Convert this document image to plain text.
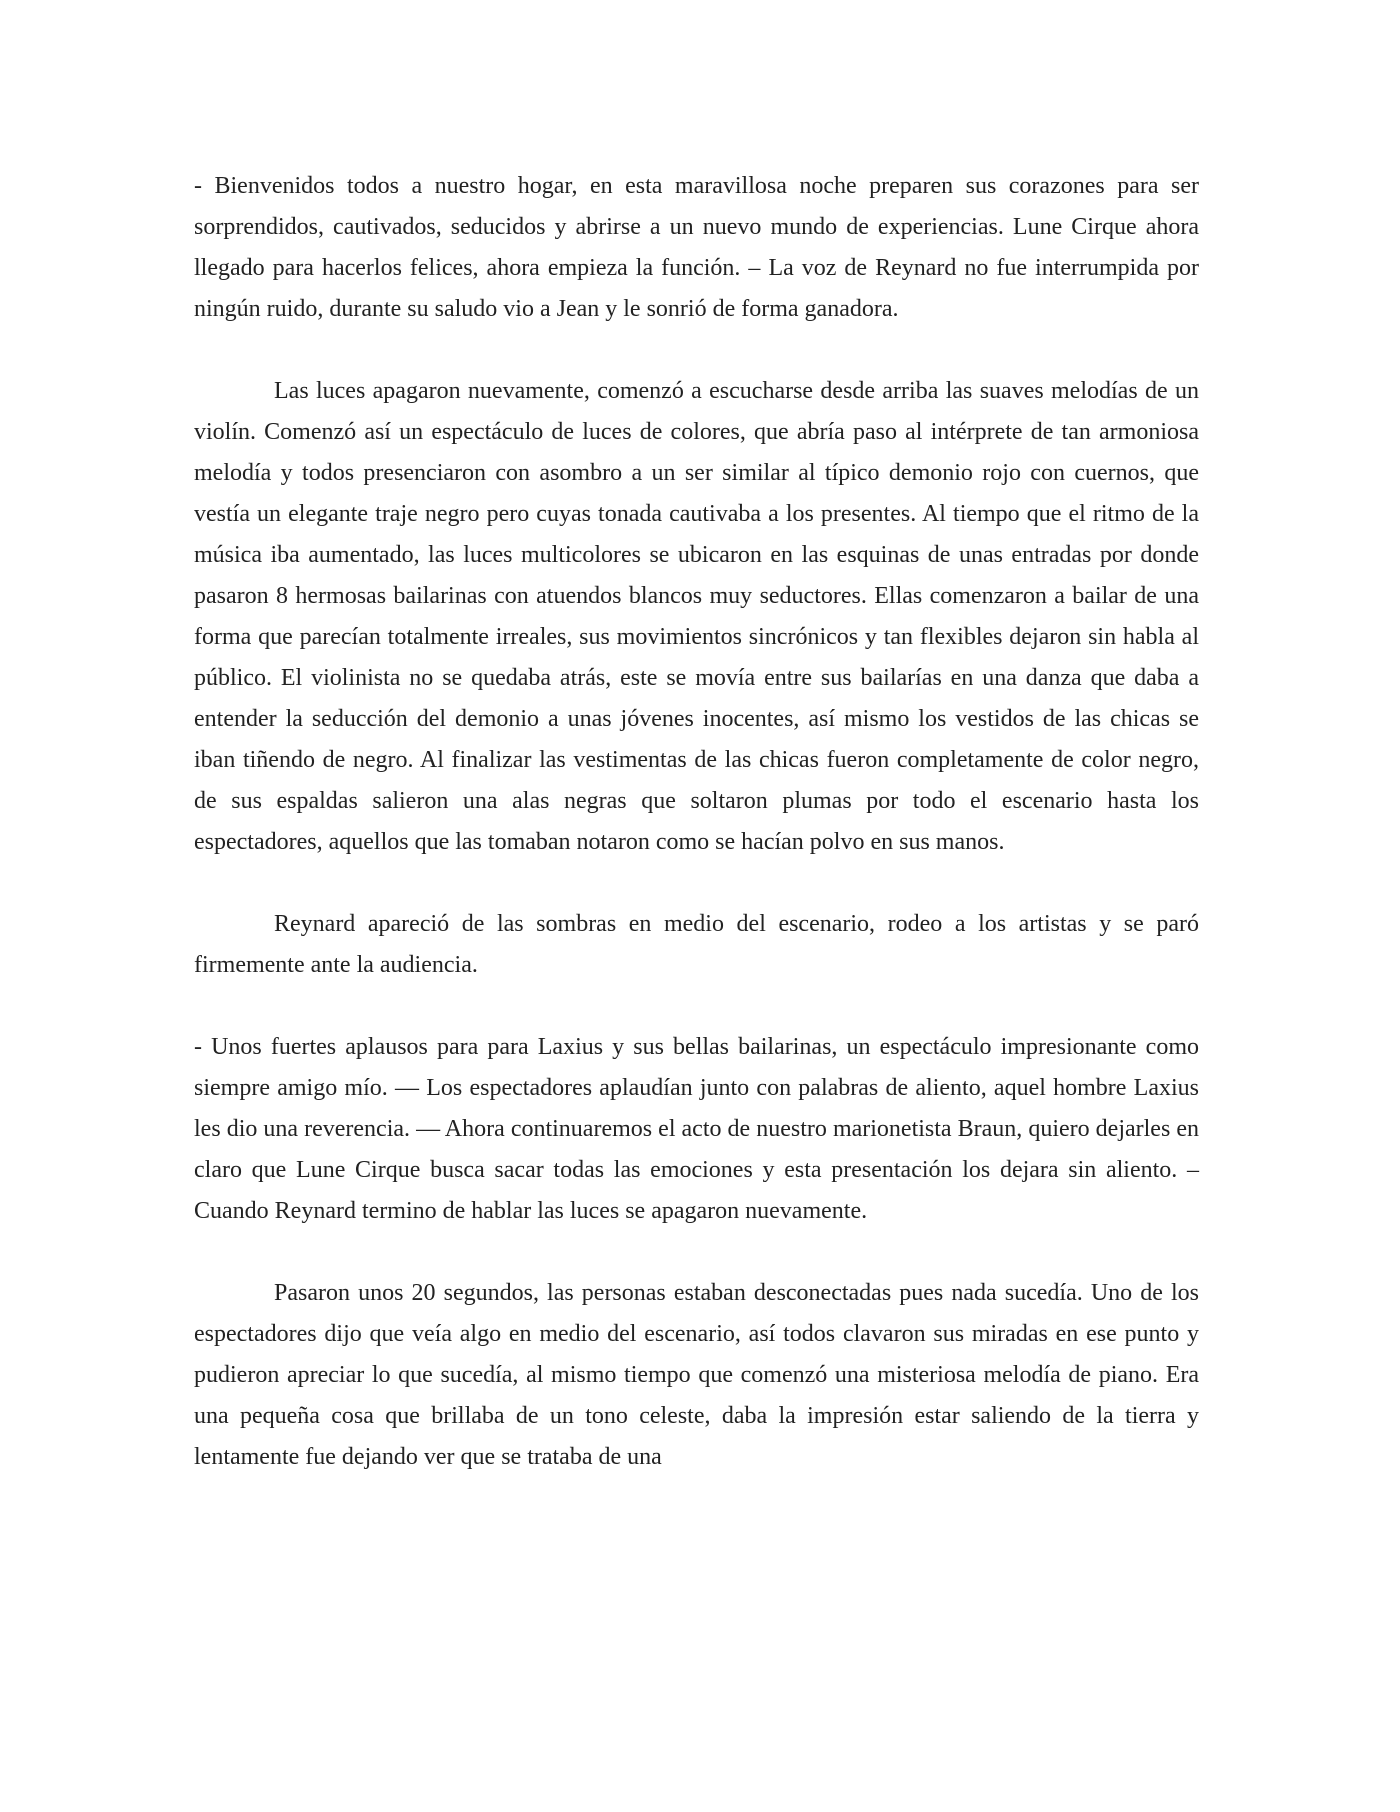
- Bienvenidos todos a nuestro hogar, en esta maravillosa noche preparen sus corazones para ser sorprendidos, cautivados, seducidos y abrirse a un nuevo mundo de experiencias. Lune Cirque ahora llegado para hacerlos felices, ahora empieza la función. – La voz de Reynard no fue interrumpida por ningún ruido, durante su saludo vio a Jean y le sonrió de forma ganadora.

Las luces apagaron nuevamente, comenzó a escucharse desde arriba las suaves melodías de un violín. Comenzó así un espectáculo de luces de colores, que abría paso al intérprete de tan armoniosa melodía y todos presenciaron con asombro a un ser similar al típico demonio rojo con cuernos, que vestía un elegante traje negro pero cuyas tonada cautivaba a los presentes. Al tiempo que el ritmo de la música iba aumentado, las luces multicolores se ubicaron en las esquinas de unas entradas por donde pasaron 8 hermosas bailarinas con atuendos blancos muy seductores. Ellas comenzaron a bailar de una forma que parecían totalmente irreales, sus movimientos sincrónicos y tan flexibles dejaron sin habla al público. El violinista no se quedaba atrás, este se movía entre sus bailarías en una danza que daba a entender la seducción del demonio a unas jóvenes inocentes, así mismo los vestidos de las chicas se iban tiñendo de negro. Al finalizar las vestimentas de las chicas fueron completamente de color negro, de sus espaldas salieron una alas negras que soltaron plumas por todo el escenario hasta los espectadores, aquellos que las tomaban notaron como se hacían polvo en sus manos.

Reynard apareció de las sombras en medio del escenario, rodeo a los artistas y se paró firmemente ante la audiencia.

- Unos fuertes aplausos para para Laxius y sus bellas bailarinas, un espectáculo impresionante como siempre amigo mío. — Los espectadores aplaudían junto con palabras de aliento, aquel hombre Laxius les dio una reverencia. — Ahora continuaremos el acto de nuestro marionetista Braun, quiero dejarles en claro que Lune Cirque busca sacar todas las emociones y esta presentación los dejara sin aliento. – Cuando Reynard termino de hablar las luces se apagaron nuevamente.

Pasaron unos 20 segundos, las personas estaban desconectadas pues nada sucedía. Uno de los espectadores dijo que veía algo en medio del escenario, así todos clavaron sus miradas en ese punto y pudieron apreciar lo que sucedía, al mismo tiempo que comenzó una misteriosa melodía de piano. Era una pequeña cosa que brillaba de un tono celeste, daba la impresión estar saliendo de la tierra y lentamente fue dejando ver que se trataba de una
